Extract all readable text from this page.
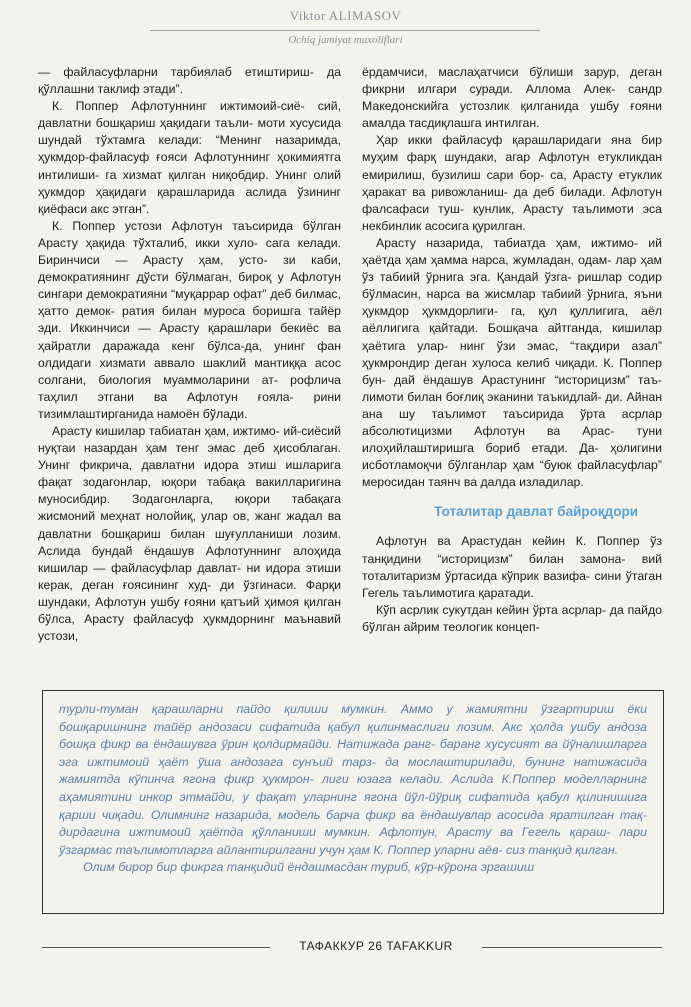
Viktor ALIMASOV
Ochiq jamiyat muxoliflari

— файласуфларни тарбиялаб етиштириш- да қўллашни таклиф этади”.

К. Поппер Афлотуннинг ижтимоий-сиё- сий, давлатни бошқариш ҳақидаги таъли- моти хусусида шундай тўхтамга келади: “Менинг назаримда, ҳукмдор-файласуф ғояси Афлотуннинг ҳокимиятга интилиши- га хизмат қилган ниқобдир. Унинг олий ҳукмдор ҳақидаги қарашларида аслида ўзининг қиёфаси акс этган”.

К. Поппер устози Афлотун таъсирида бўлган Арасту ҳақида тўхталиб, икки хуло- сага келади. Биринчиси — Арасту ҳам, усто- зи каби, демократиянинг дўсти бўлмаган, бироқ у Афлотун сингари демократияни “муқаррар офат” деб билмас, ҳатто демок- ратия билан муроса боришга тайёр эди. Иккинчиси — Арасту қарашлари бекиёс ва ҳайратли даражада кенг бўлса-да, унинг фан олдидаги хизмати аввало шаклий мантиққа асос солгани, биология муаммоларини ат- рофлича таҳлил этгани ва Афлотун ғояла- рини тизимлаштирганида намоён бўлади.

Арасту кишилар табиатан ҳам, ижтимо- ий-сиёсий нуқтаи назардан ҳам тенг эмас деб ҳисоблаган. Унинг фикрича, давлатни идора этиш ишларига фақат зодагонлар, юқори табақа вакилларигина муносибдир. Зодагонларга, юқори табақага жисмоний меҳнат нолойиқ, улар ов, жанг жадал ва давлатни бошқариш билан шуғулланиши лозим. Аслида бундай ёндашув Афлотуннинг алоҳида кишилар — файласуфлар давлат- ни идора этиши керак, деган ғоясининг худ- ди ўзгинаси. Фарқи шундаки, Афлотун ушбу ғояни қатъий ҳимоя қилган бўлса, Арасту файласуф ҳукмдорнинг маънавий устози,

ёрдамчиси, маслаҳатчиси бўлиши зарур, деган фикрни илгари суради. Аллома Алек- сандр Македонскийга устозлик қилганида ушбу ғояни амалда тасдиқлашга интилган.

Ҳар икки файласуф қарашларидаги яна бир муҳим фарқ шундаки, агар Афлотун етукликдан емирилиш, бузилиш сари бор- са, Арасту етуклик ҳаракат ва ривожланиш- да деб билади. Афлотун фалсафаси туш- кунлик, Арасту таълимоти эса некбинлик асосига қурилган.

Арасту назарида, табиатда ҳам, ижтимо- ий ҳаётда ҳам ҳамма нарса, жумладан, одам- лар ҳам ўз табиий ўрнига эга. Қандай ўзга- ришлар содир бўлмасин, нарса ва жисмлар табиий ўрнига, яъни ҳукмдор ҳукмдорлиги- га, қул қуллигига, аёл аёллигига қайтади. Бошқача айтганда, кишилар ҳаётига улар- нинг ўзи эмас, “тақдири азал” ҳукмрондир деган хулоса келиб чиқади. К. Поппер бун- дай ёндашув Арастунинг “историцизм” таъ- лимоти билан боғлиқ эканини таъкидлай- ди. Айнан ана шу таълимот таъсирида ўрта асрлар абсолютицизми Афлотун ва Арас- туни илоҳийлаштиришга бориб етади. Да- ҳолигини исботламоқчи бўлганлар ҳам “буюк файласуфлар” меросидан таянч ва далда изладилар.

Тоталитар давлат байроқдори

Афлотун ва Арастудан кейин К. Поппер ўз танқидини “историцизм” билан замона- вий тоталитаризм ўртасида кўприк вазифа- сини ўтаган Гегель таълимотига қаратади.

Кўп асрлик сукутдан кейин ўрта асрлар- да пайдо бўлган айрим теологик концеп-

турли-туман қарашларни пайдо қилиши мумкин. Аммо у жамиятни ўзгартириш ёки бошқаришнинг тайёр андозаси сифатида қабул қилинмаслиги лозим. Акс ҳолда ушбу андоза бошқа фикр ва ёндашувга ўрин қолдирмайди. Натижада ранг- баранг хусусият ва йўналишларга эга ижтимоий ҳаёт ўша андозага сунъий тарз- да мослаштирилади, бунинг натижасида жамиятда кўпинча ягона фикр ҳукмрон- лиги юзага келади. Аслида К.Поппер моделларнинг аҳамиятини инкор этмайди, у фақат уларнинг ягона йўл-йўриқ сифатида қабул қилинишига қарши чиқади. Олимнинг назарида, модель барча фикр ва ёндашувлар асосида яратилган тақ- дирдагина ижтимоий ҳаётда қўлланиши мумкин. Афлотун, Арасту ва Гегель қараш- лари ўзгармас таълимотларга айлантирилгани учун ҳам К. Поппер уларни аёв- сиз танқид қилган.

Олим бирор бир фикрга танқидий ёндашмасдан туриб, кўр-кўрона эргашиш

ТАФАККУР 26 TAFAKKUR
